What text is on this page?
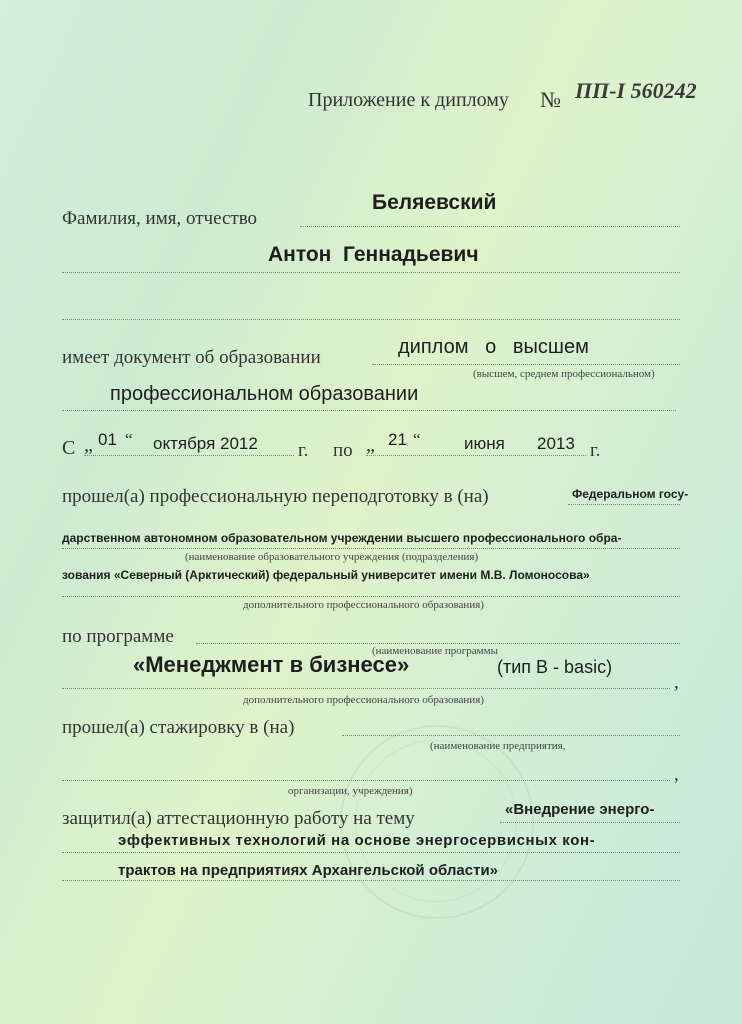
Приложение к диплому № ПП-I 560242
Фамилия, имя, отчество
Беляевский
Антон  Геннадьевич
имеет документ об образовании	диплом   о   высшем
(высшем, среднем профессиональном)
профессиональном образовании
С „ 01 “ октября 2012 г. по „ 21 “	июня 2013 г.
прошел(а) профессиональную переподготовку в (на)	Федеральном госу-
дарственном автономном образовательном учреждении высшего профессионального обра-
(наименование образовательного учреждения (подразделения)
зования «Северный (Арктический) федеральный университет имени М.В. Ломоносова»
дополнительного профессионального образования)
по программе
(наименование программы
«Менеджмент в бизнесе»	(тип B - basic)
,
дополнительного профессионального образования)
прошел(а) стажировку в (на)
(наименование предприятия,
,
организации, учреждения)
защитил(а) аттестационную работу на тему	«Внедрение энерго-
эффективных технологий на основе энергосервисных кон-
трактов на предприятиях Архангельской области»
